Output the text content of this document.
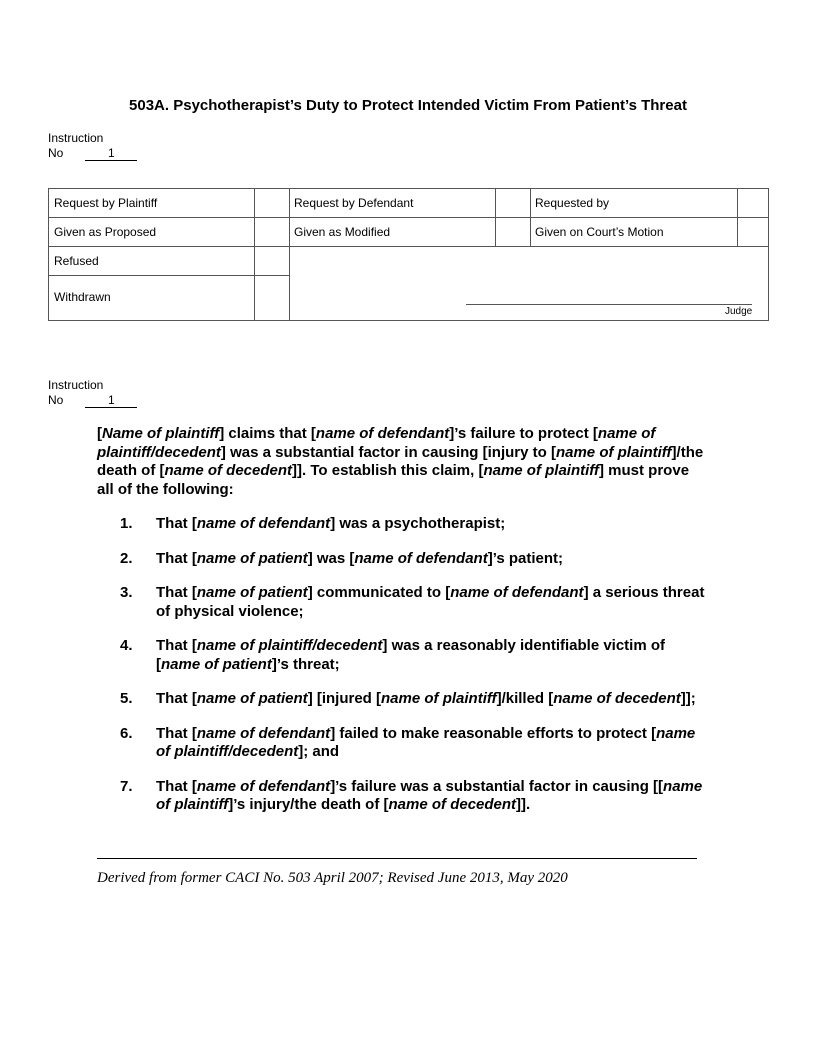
503A. Psychotherapist’s Duty to Protect Intended Victim From Patient’s Threat
Instruction
No	1
Request by Plaintiff	Request by Defendant	Requested by
Given as Proposed	Given as Modified	Given on Court’s Motion
Refused
Withdrawn
Judge
Instruction
No	1

[Name of plaintiff] claims that [name of defendant]’s failure to protect [name of plaintiff/decedent] was a substantial factor in causing [injury to [name of plaintiff]/the death of [name of decedent]]. To establish this claim, [name of plaintiff] must prove all of the following:

1.	That [name of defendant] was a psychotherapist;
2.	That [name of patient] was [name of defendant]’s patient;
3.	That [name of patient] communicated to [name of defendant] a serious threat of physical violence;
4.	That [name of plaintiff/decedent] was a reasonably identifiable victim of [name of patient]’s threat;
5.	That [name of patient] [injured [name of plaintiff]/killed [name of decedent]];
6.	That [name of defendant] failed to make reasonable efforts to protect [name of plaintiff/decedent]; and
7.	That [name of defendant]’s failure was a substantial factor in causing [[name of plaintiff]’s injury/the death of [name of decedent]].
Derived from former CACI No. 503 April 2007; Revised June 2013, May 2020
